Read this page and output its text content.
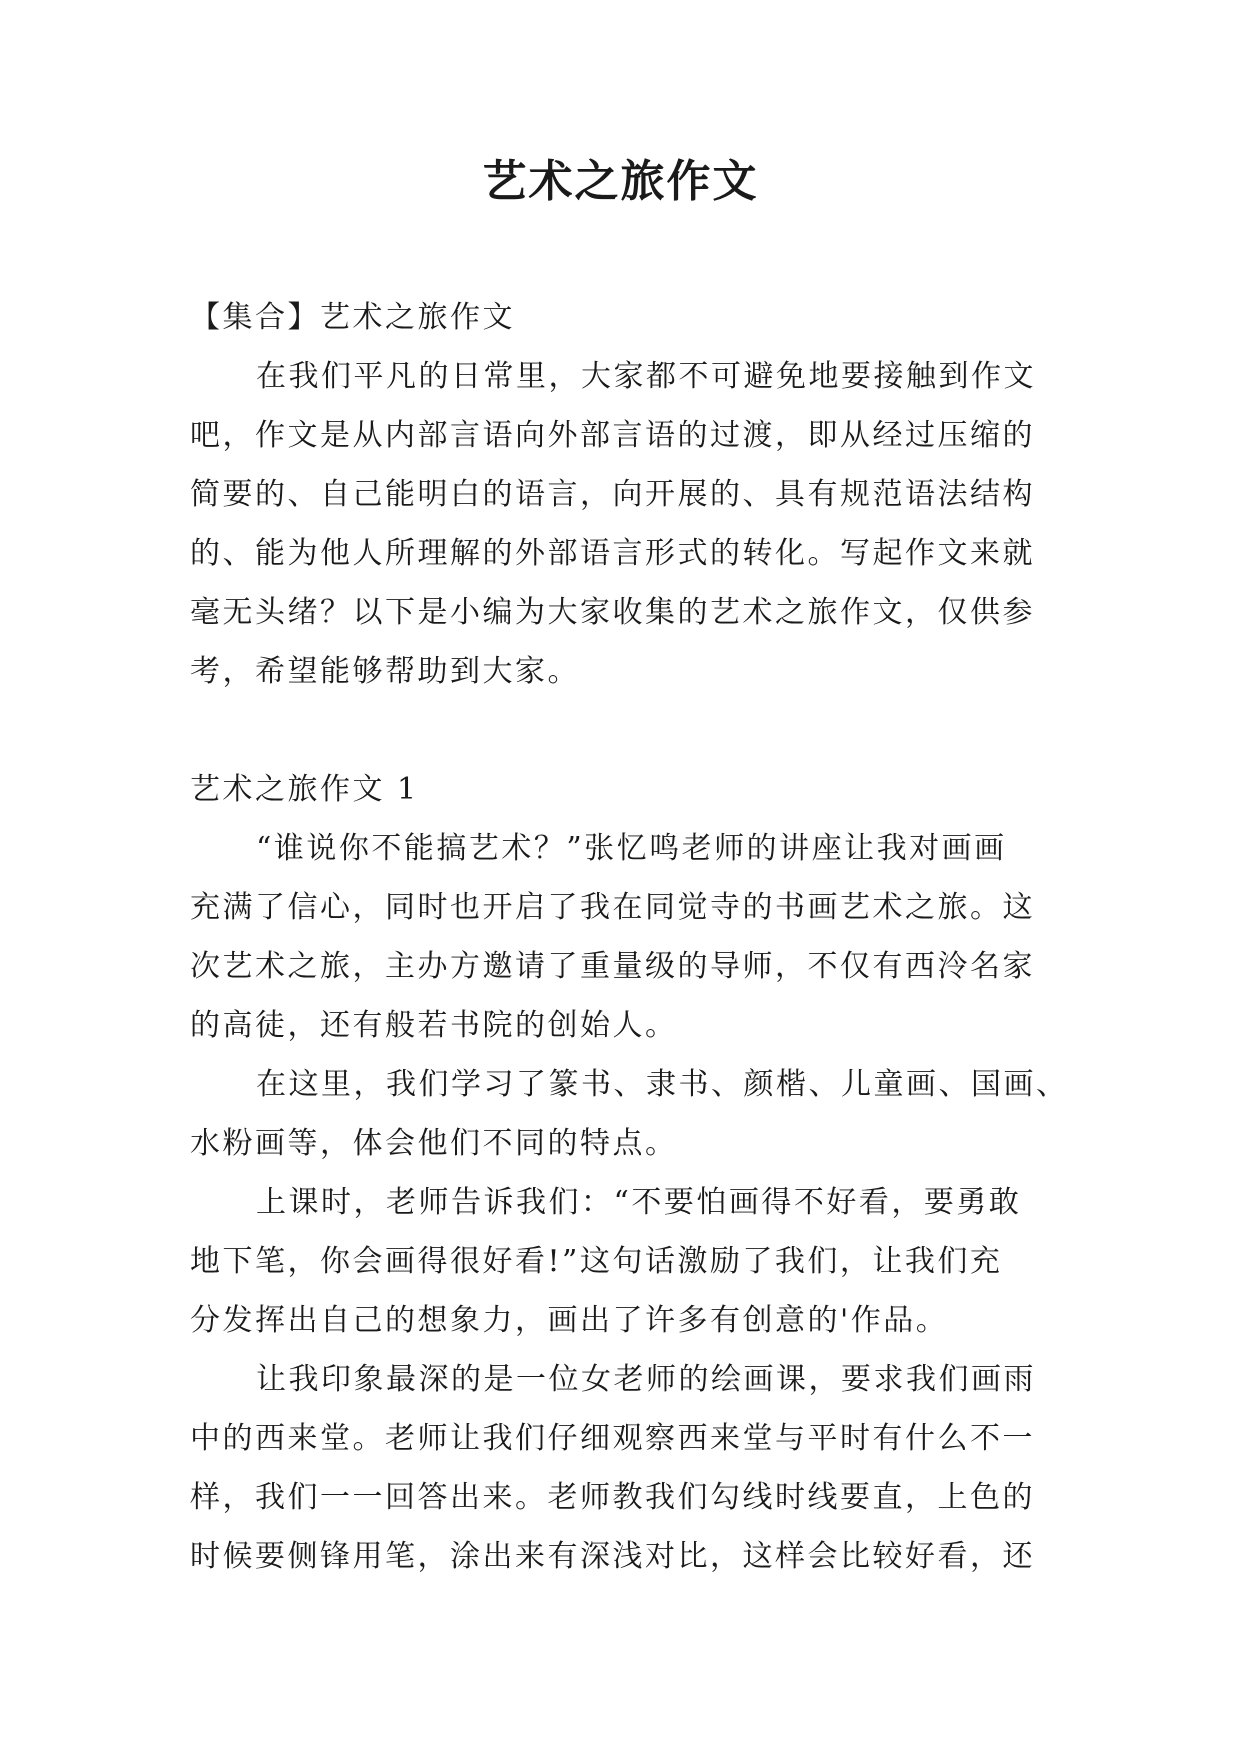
艺术之旅作文
【集合】艺术之旅作文
在我们平凡的日常里，大家都不可避免地要接触到作文
吧，作文是从内部言语向外部言语的过渡，即从经过压缩的
简要的、自己能明白的语言，向开展的、具有规范语法结构
的、能为他人所理解的外部语言形式的转化。写起作文来就
毫无头绪？以下是小编为大家收集的艺术之旅作文，仅供参
考，希望能够帮助到大家。
艺术之旅作文 1
“谁说你不能搞艺术？”张忆鸣老师的讲座让我对画画
充满了信心，同时也开启了我在同觉寺的书画艺术之旅。这
次艺术之旅，主办方邀请了重量级的导师，不仅有西泠名家
的高徒，还有般若书院的创始人。
在这里，我们学习了篆书、隶书、颜楷、儿童画、国画、
水粉画等，体会他们不同的特点。
上课时，老师告诉我们：“不要怕画得不好看，要勇敢
地下笔，你会画得很好看!”这句话激励了我们，让我们充
分发挥出自己的想象力，画出了许多有创意的'作品。
让我印象最深的是一位女老师的绘画课，要求我们画雨
中的西来堂。老师让我们仔细观察西来堂与平时有什么不一
样，我们一一回答出来。老师教我们勾线时线要直，上色的
时候要侧锋用笔，涂出来有深浅对比，这样会比较好看，还
